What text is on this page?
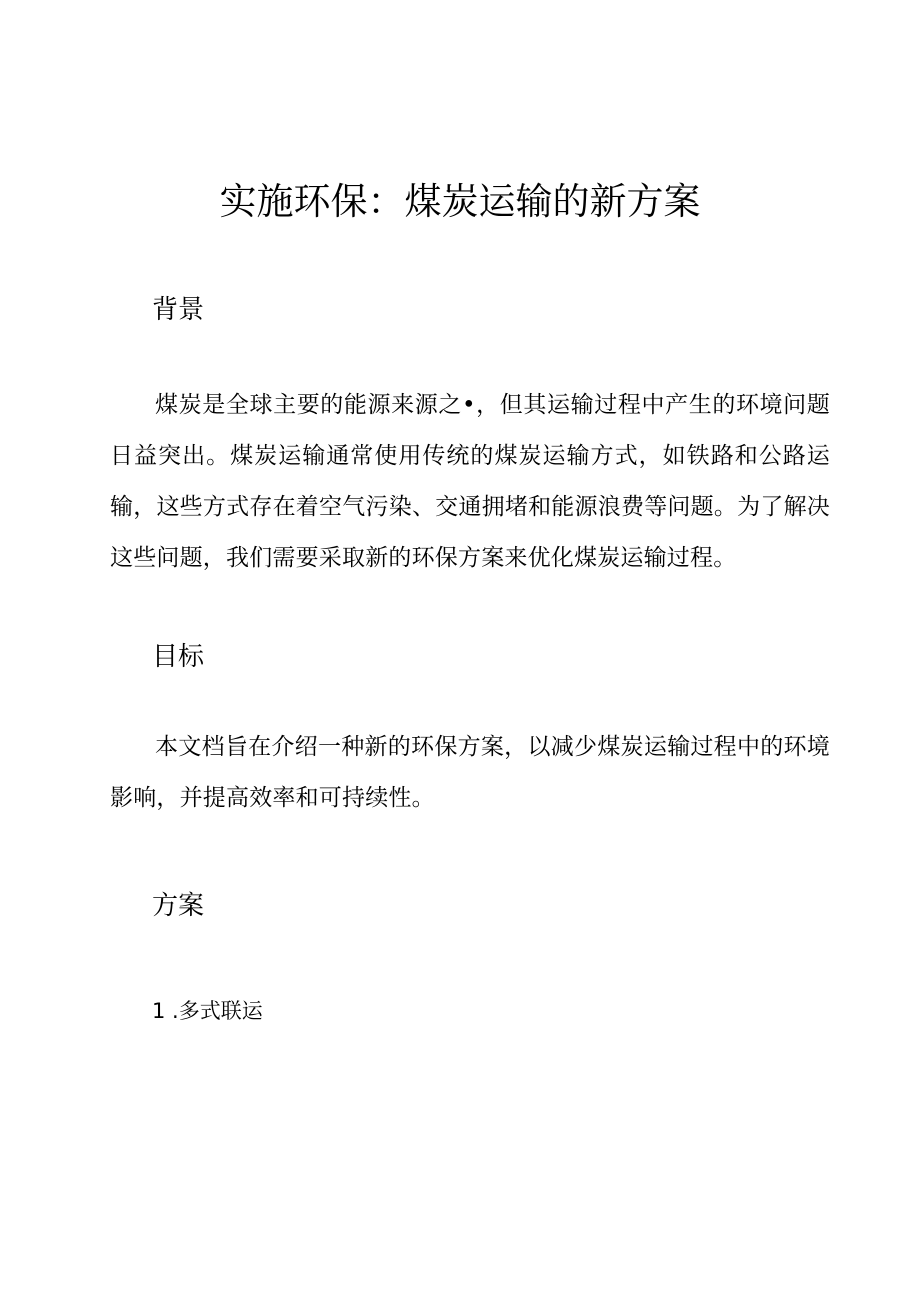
实施环保：煤炭运输的新方案
背景

煤炭是全球主要的能源来源之•，但其运输过程中产生的环境问题日益突出。煤炭运输通常使用传统的煤炭运输方式，如铁路和公路运输，这些方式存在着空气污染、交通拥堵和能源浪费等问题。为了解决这些问题，我们需要采取新的环保方案来优化煤炭运输过程。

目标

本文档旨在介绍一种新的环保方案，以减少煤炭运输过程中的环境影响，并提高效率和可持续性。

方案
1 .多式联运
